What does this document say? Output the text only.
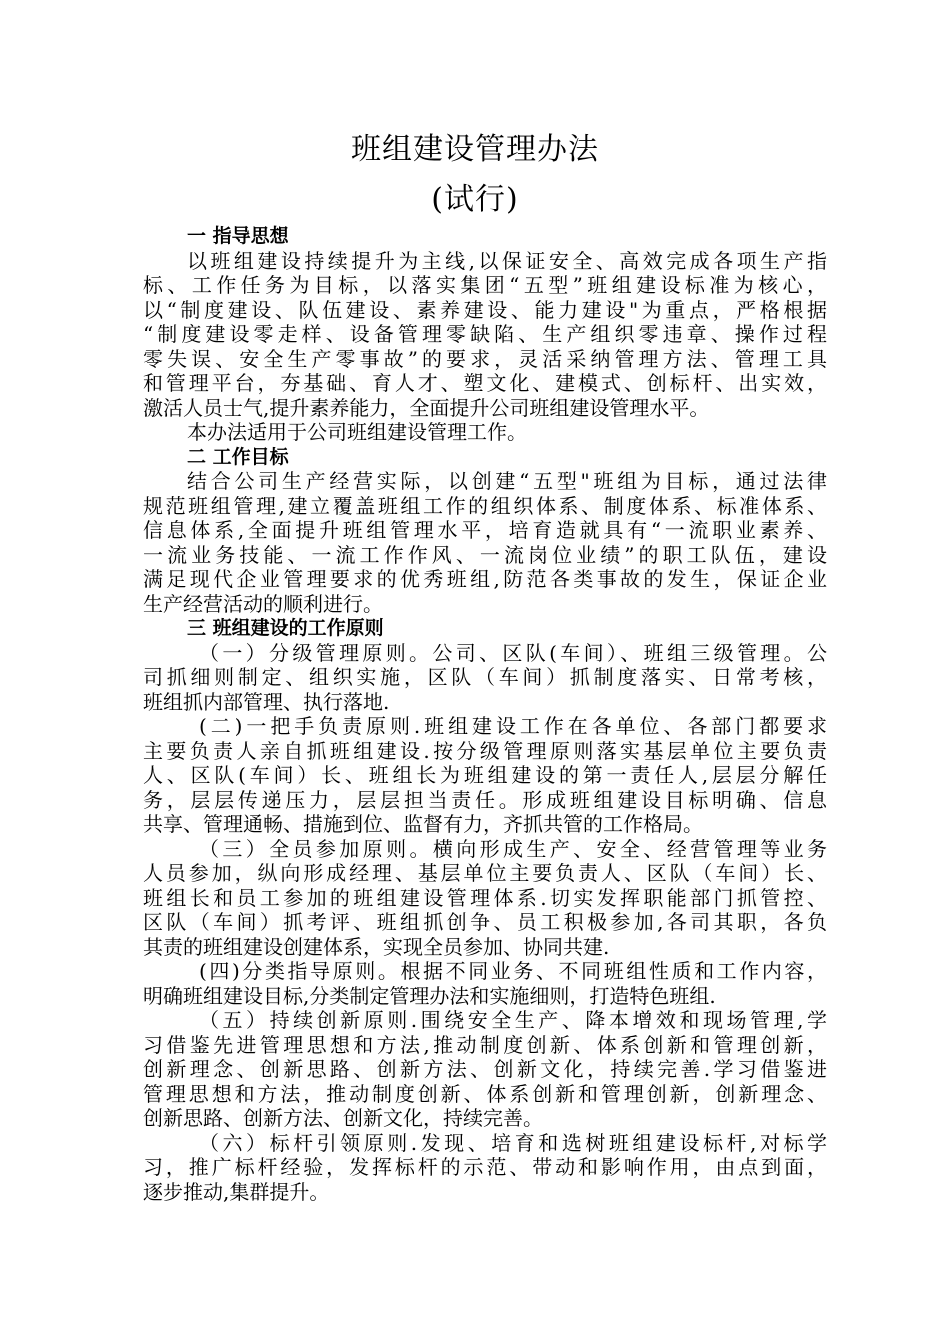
班组建设管理办法
(试行)
一 指导思想
以班组建设持续提升为主线,以保证安全、高效完成各项生产指
标、工作任务为目标，以落实集团“五型”班组建设标准为核心，
以“制度建设、队伍建设、素养建设、能力建设"为重点，严格根据
“制度建设零走样、设备管理零缺陷、生产组织零违章、操作过程
零失误、安全生产零事故”的要求，灵活采纳管理方法、管理工具
和管理平台，夯基础、育人才、塑文化、建模式、创标杆、出实效，
激活人员士气,提升素养能力，全面提升公司班组建设管理水平。
本办法适用于公司班组建设管理工作。
二 工作目标
结合公司生产经营实际，以创建“五型"班组为目标，通过法律
规范班组管理,建立覆盖班组工作的组织体系、制度体系、标准体系、
信息体系,全面提升班组管理水平，培育造就具有“一流职业素养、
一流业务技能、一流工作作风、一流岗位业绩”的职工队伍，建设
满足现代企业管理要求的优秀班组,防范各类事故的发生，保证企业
生产经营活动的顺利进行。
三 班组建设的工作原则
（一）分级管理原则。公司、区队(车间）、班组三级管理。公
司抓细则制定、组织实施，区队（车间）抓制度落实、日常考核，
班组抓内部管理、执行落地.
(二)一把手负责原则.班组建设工作在各单位、各部门都要求
主要负责人亲自抓班组建设.按分级管理原则落实基层单位主要负责
人、区队(车间）长、班组长为班组建设的第一责任人,层层分解任
务，层层传递压力，层层担当责任。形成班组建设目标明确、信息
共享、管理通畅、措施到位、监督有力，齐抓共管的工作格局。
（三）全员参加原则。横向形成生产、安全、经营管理等业务
人员参加，纵向形成经理、基层单位主要负责人、区队（车间）长、
班组长和员工参加的班组建设管理体系.切实发挥职能部门抓管控、
区队（车间）抓考评、班组抓创争、员工积极参加,各司其职，各负
其责的班组建设创建体系，实现全员参加、协同共建.
(四)分类指导原则。根据不同业务、不同班组性质和工作内容，
明确班组建设目标,分类制定管理办法和实施细则，打造特色班组.
（五）持续创新原则.围绕安全生产、降本增效和现场管理,学
习借鉴先进管理思想和方法,推动制度创新、体系创新和管理创新，
创新理念、创新思路、创新方法、创新文化，持续完善.学习借鉴进
管理思想和方法，推动制度创新、体系创新和管理创新，创新理念、
创新思路、创新方法、创新文化，持续完善。
（六）标杆引领原则.发现、培育和选树班组建设标杆,对标学
习，推广标杆经验，发挥标杆的示范、带动和影响作用，由点到面，
逐步推动,集群提升。
